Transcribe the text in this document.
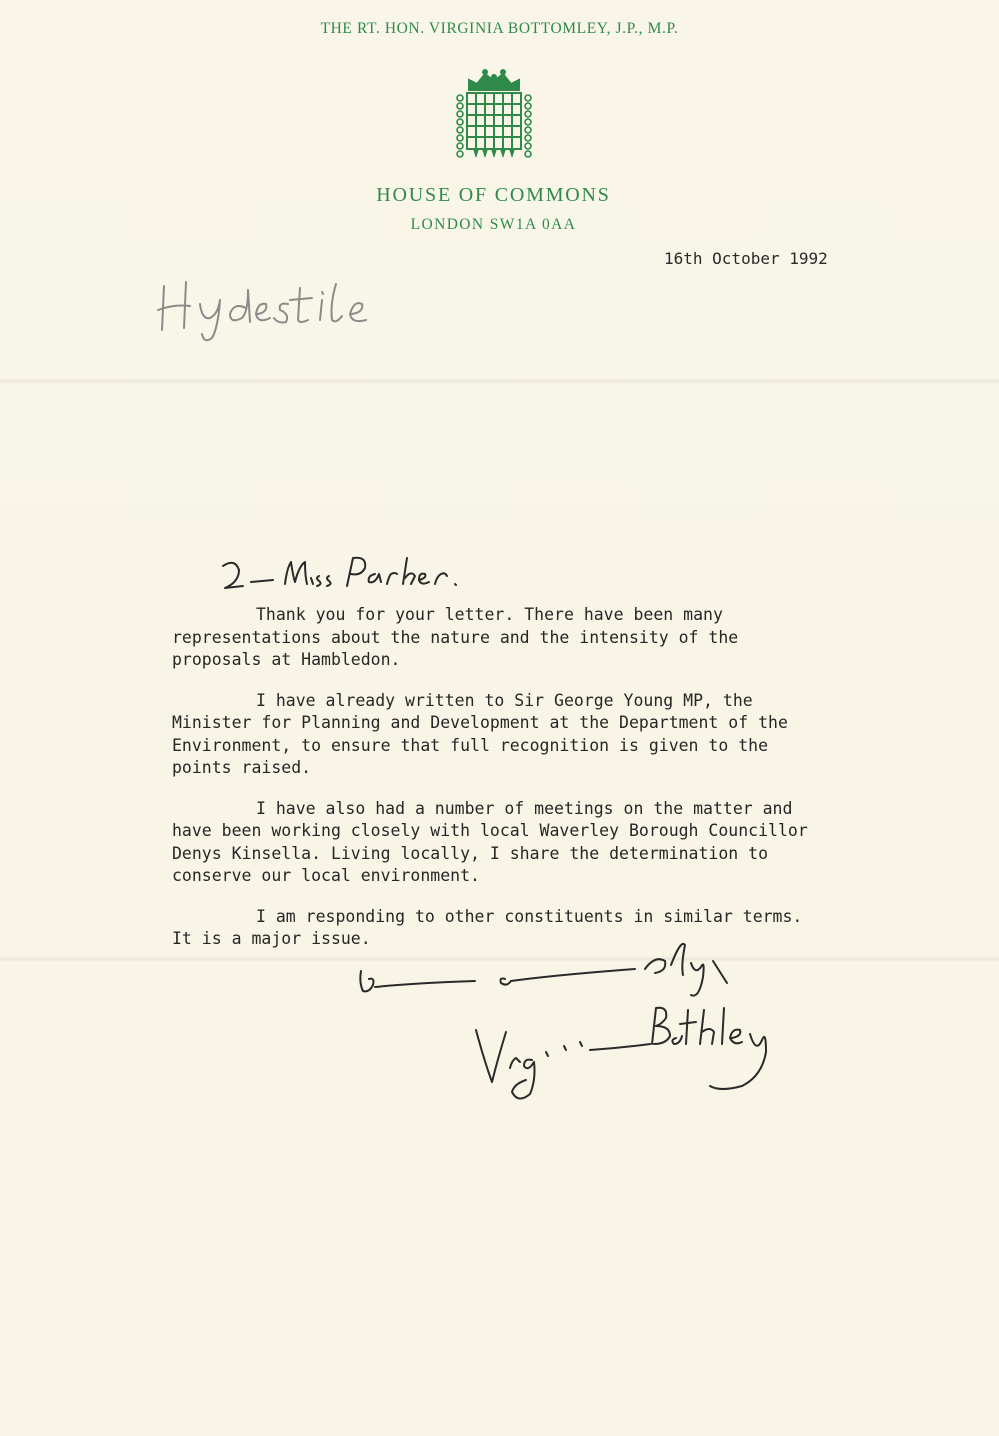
THE RT. HON. VIRGINIA BOTTOMLEY, J.P., M.P.
HOUSE OF COMMONS
LONDON SW1A 0AA
16th October 1992

Thank you for your letter. There have been many
representations about the nature and the intensity of the
proposals at Hambledon.

I have already written to Sir George Young MP, the
Minister for Planning and Development at the Department of the
Environment, to ensure that full recognition is given to the
points raised.

I have also had a number of meetings on the matter and
have been working closely with local Waverley Borough Councillor
Denys Kinsella. Living locally, I share the determination to
conserve our local environment.

I am responding to other constituents in similar terms.
It is a major issue.
